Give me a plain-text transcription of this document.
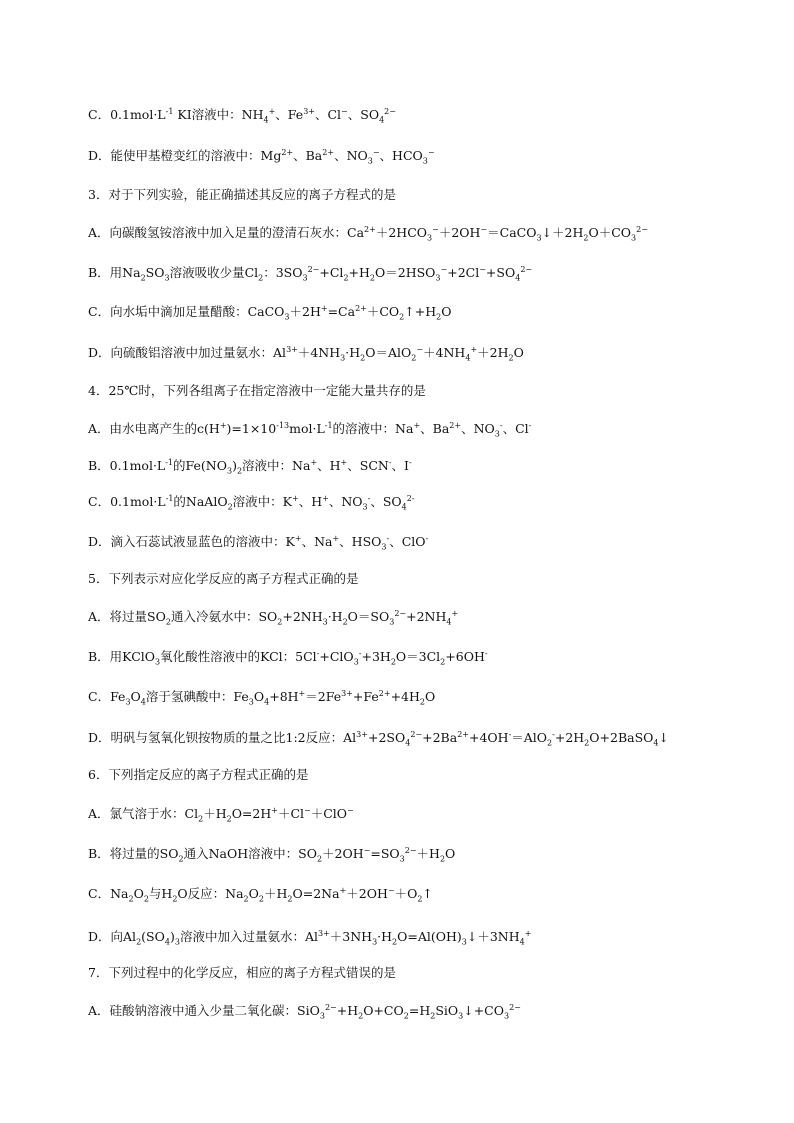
C．$0.1mol\cdot L^{-1}$ KI溶液中：$NH_4^+$、$Fe^{3+}$、Cl−、$SO_4^{2-}$
D．能使甲基橙变红的溶液中：$Mg^{2+}$、$Ba^{2+}$、$NO_3^-$、$HCO_3^-$
3．对于下列实验，能正确描述其反应的离子方程式的是
A．向碳酸氢铵溶液中加入足量的澄清石灰水：$Ca^{2+}+2HCO_3^-+2OH^-=CaCO_3↓+2H_2O+CO_3^{2-}$
B．用$Na_2SO_3$溶液吸收少量$Cl_2$：$3SO_3^{2-}+Cl_2+H_2O=2HSO_3^-+2Cl^-+SO_4^{2-}$
C．向水垢中滴加足量醋酸：$CaCO_3+2H^+=Ca^{2+}+CO_2↑+H_2O$
D．向硫酸铝溶液中加过量氨水：$Al^{3+}+4NH_3\cdot H_2O=AlO_2^-+4NH_4^++2H_2O$
4．25℃时，下列各组离子在指定溶液中一定能大量共存的是
A．由水电离产生的$c(H^+)=1\times 10^{-13}mol\cdot L^{-1}$的溶液中：Na+、$Ba^{2+}$、$NO_3^-$、Cl-
B．$0.1mol\cdot L^{-1}$的$Fe(NO_3)_2$溶液中：Na+、H+、SCN-、I-
C．$0.1mol\cdot L^{-1}$的NaAlO$_2$溶液中：K+、H+、$NO_3^-$、$SO_4^{2-}$
D．滴入石蕊试液显蓝色的溶液中：K+、Na+、$HSO_3^-$、ClO-
5．下列表示对应化学反应的离子方程式正确的是
A．将过量$SO_2$通入冷氨水中：$SO_2+2NH_3\cdot H_2O=SO_3^{2-}+2NH_4^+$
B．用KClO$_3$氧化酸性溶液中的KCl：$5Cl^-+ClO_3^-+3H_2O=3Cl_2+6OH^-$
C．$Fe_3O_4$溶于氢碘酸中：$Fe_3O_4+8H^+=2Fe^{3+}+Fe^{2+}+4H_2O$
D．明矾与氢氧化钡按物质的量之比1:2反应：$Al^{3+}+2SO_4^{2-}+2Ba^{2+}+4OH^-=AlO_2^-+2H_2O+2BaSO_4↓$
6．下列指定反应的离子方程式正确的是
A．氯气溶于水：$Cl_2+H_2O=2H^++Cl^-+ClO^-$
B．将过量的$SO_2$通入NaOH溶液中：$SO_2+2OH^-=SO_3^{2-}+H_2O$
C．$Na_2O_2$与$H_2O$反应：$Na_2O_2+H_2O=2Na^++2OH^-+O_2↑$
D．向$Al_2(SO_4)_3$溶液中加入过量氨水：$Al^{3+}+3NH_3\cdot H_2O=Al(OH)_3↓+3NH_4^+$
7．下列过程中的化学反应，相应的离子方程式错误的是
A．硅酸钠溶液中通入少量二氧化碳：$SiO_3^{2-}+H_2O+CO_2=H_2SiO_3↓+CO_3^{2-}$
